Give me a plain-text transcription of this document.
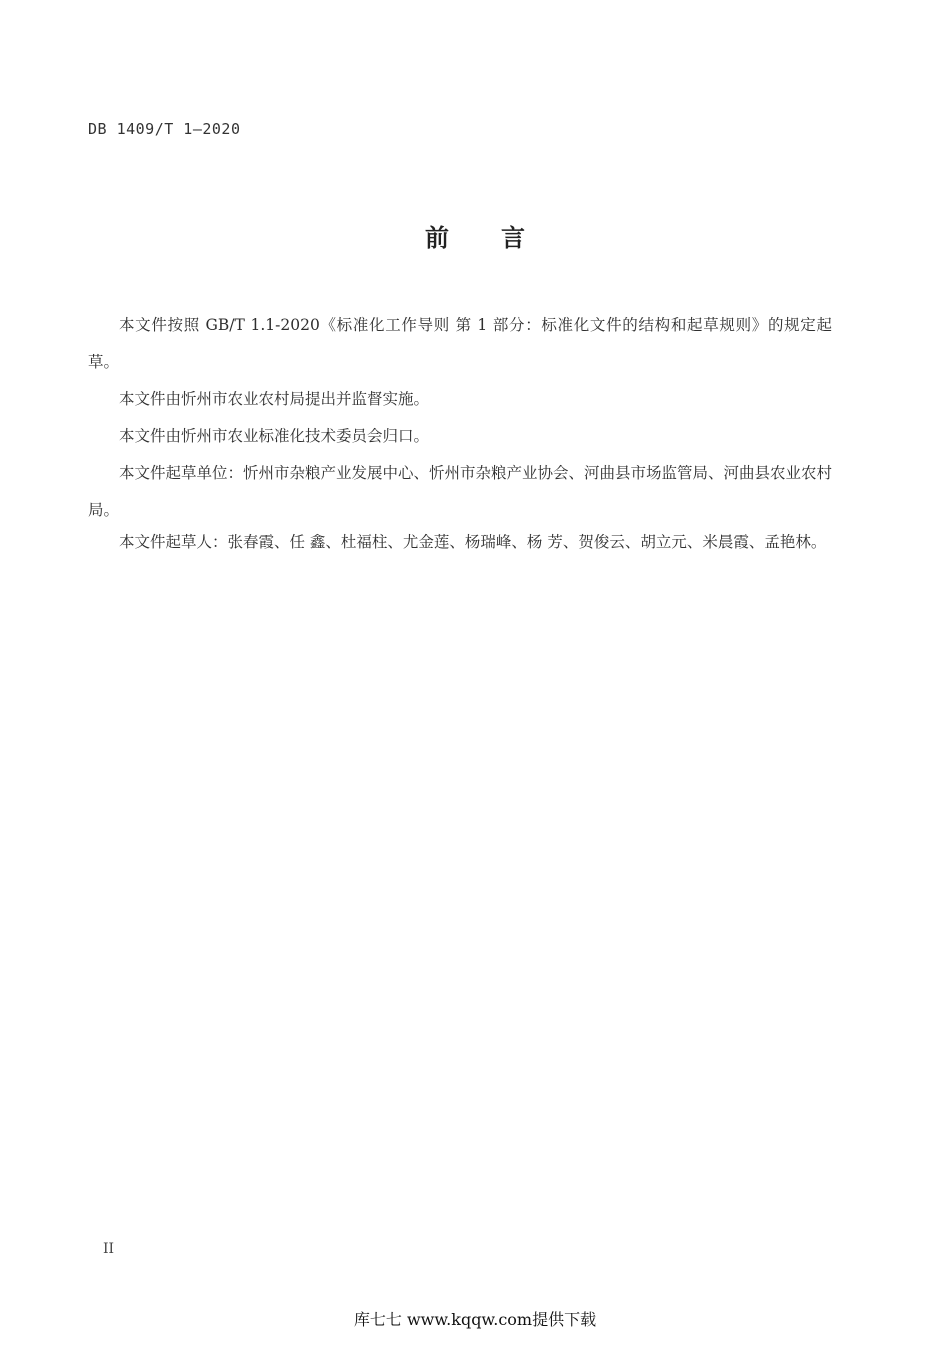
DB 1409/T 1—2020
前言

本文件按照 GB/T 1.1-2020《标准化工作导则 第 1 部分：标准化文件的结构和起草规则》的规定起草。

本文件由忻州市农业农村局提出并监督实施。

本文件由忻州市农业标准化技术委员会归口。

本文件起草单位：忻州市杂粮产业发展中心、忻州市杂粮产业协会、河曲县市场监管局、河曲县农业农村局。

本文件起草人：张春霞、任 鑫、杜福柱、尤金莲、杨瑞峰、杨 芳、贺俊云、胡立元、米晨霞、孟艳林。

II
库七七 www.kqqw.com提供下载
